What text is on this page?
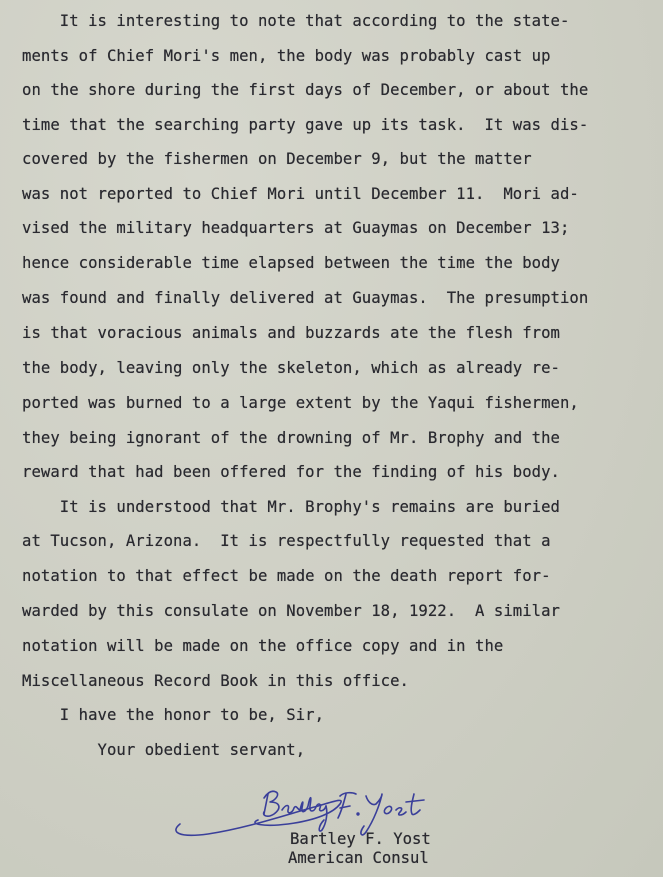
It is interesting to note that according to the state-
ments of Chief Mori's men, the body was probably cast up
on the shore during the first days of December, or about the
time that the searching party gave up its task.  It was dis-
covered by the fishermen on December 9, but the matter
was not reported to Chief Mori until December 11.  Mori ad-
vised the military headquarters at Guaymas on December 13;
hence considerable time elapsed between the time the body
was found and finally delivered at Guaymas.  The presumption
is that voracious animals and buzzards ate the flesh from
the body, leaving only the skeleton, which as already re-
ported was burned to a large extent by the Yaqui fishermen,
they being ignorant of the drowning of Mr. Brophy and the
reward that had been offered for the finding of his body.
It is understood that Mr. Brophy's remains are buried
at Tucson, Arizona.  It is respectfully requested that a
notation to that effect be made on the death report for-
warded by this consulate on November 18, 1922.  A similar
notation will be made on the office copy and in the
Miscellaneous Record Book in this office.
I have the honor to be, Sir,
Your obedient servant,
Bartley F. Yost
American Consul
